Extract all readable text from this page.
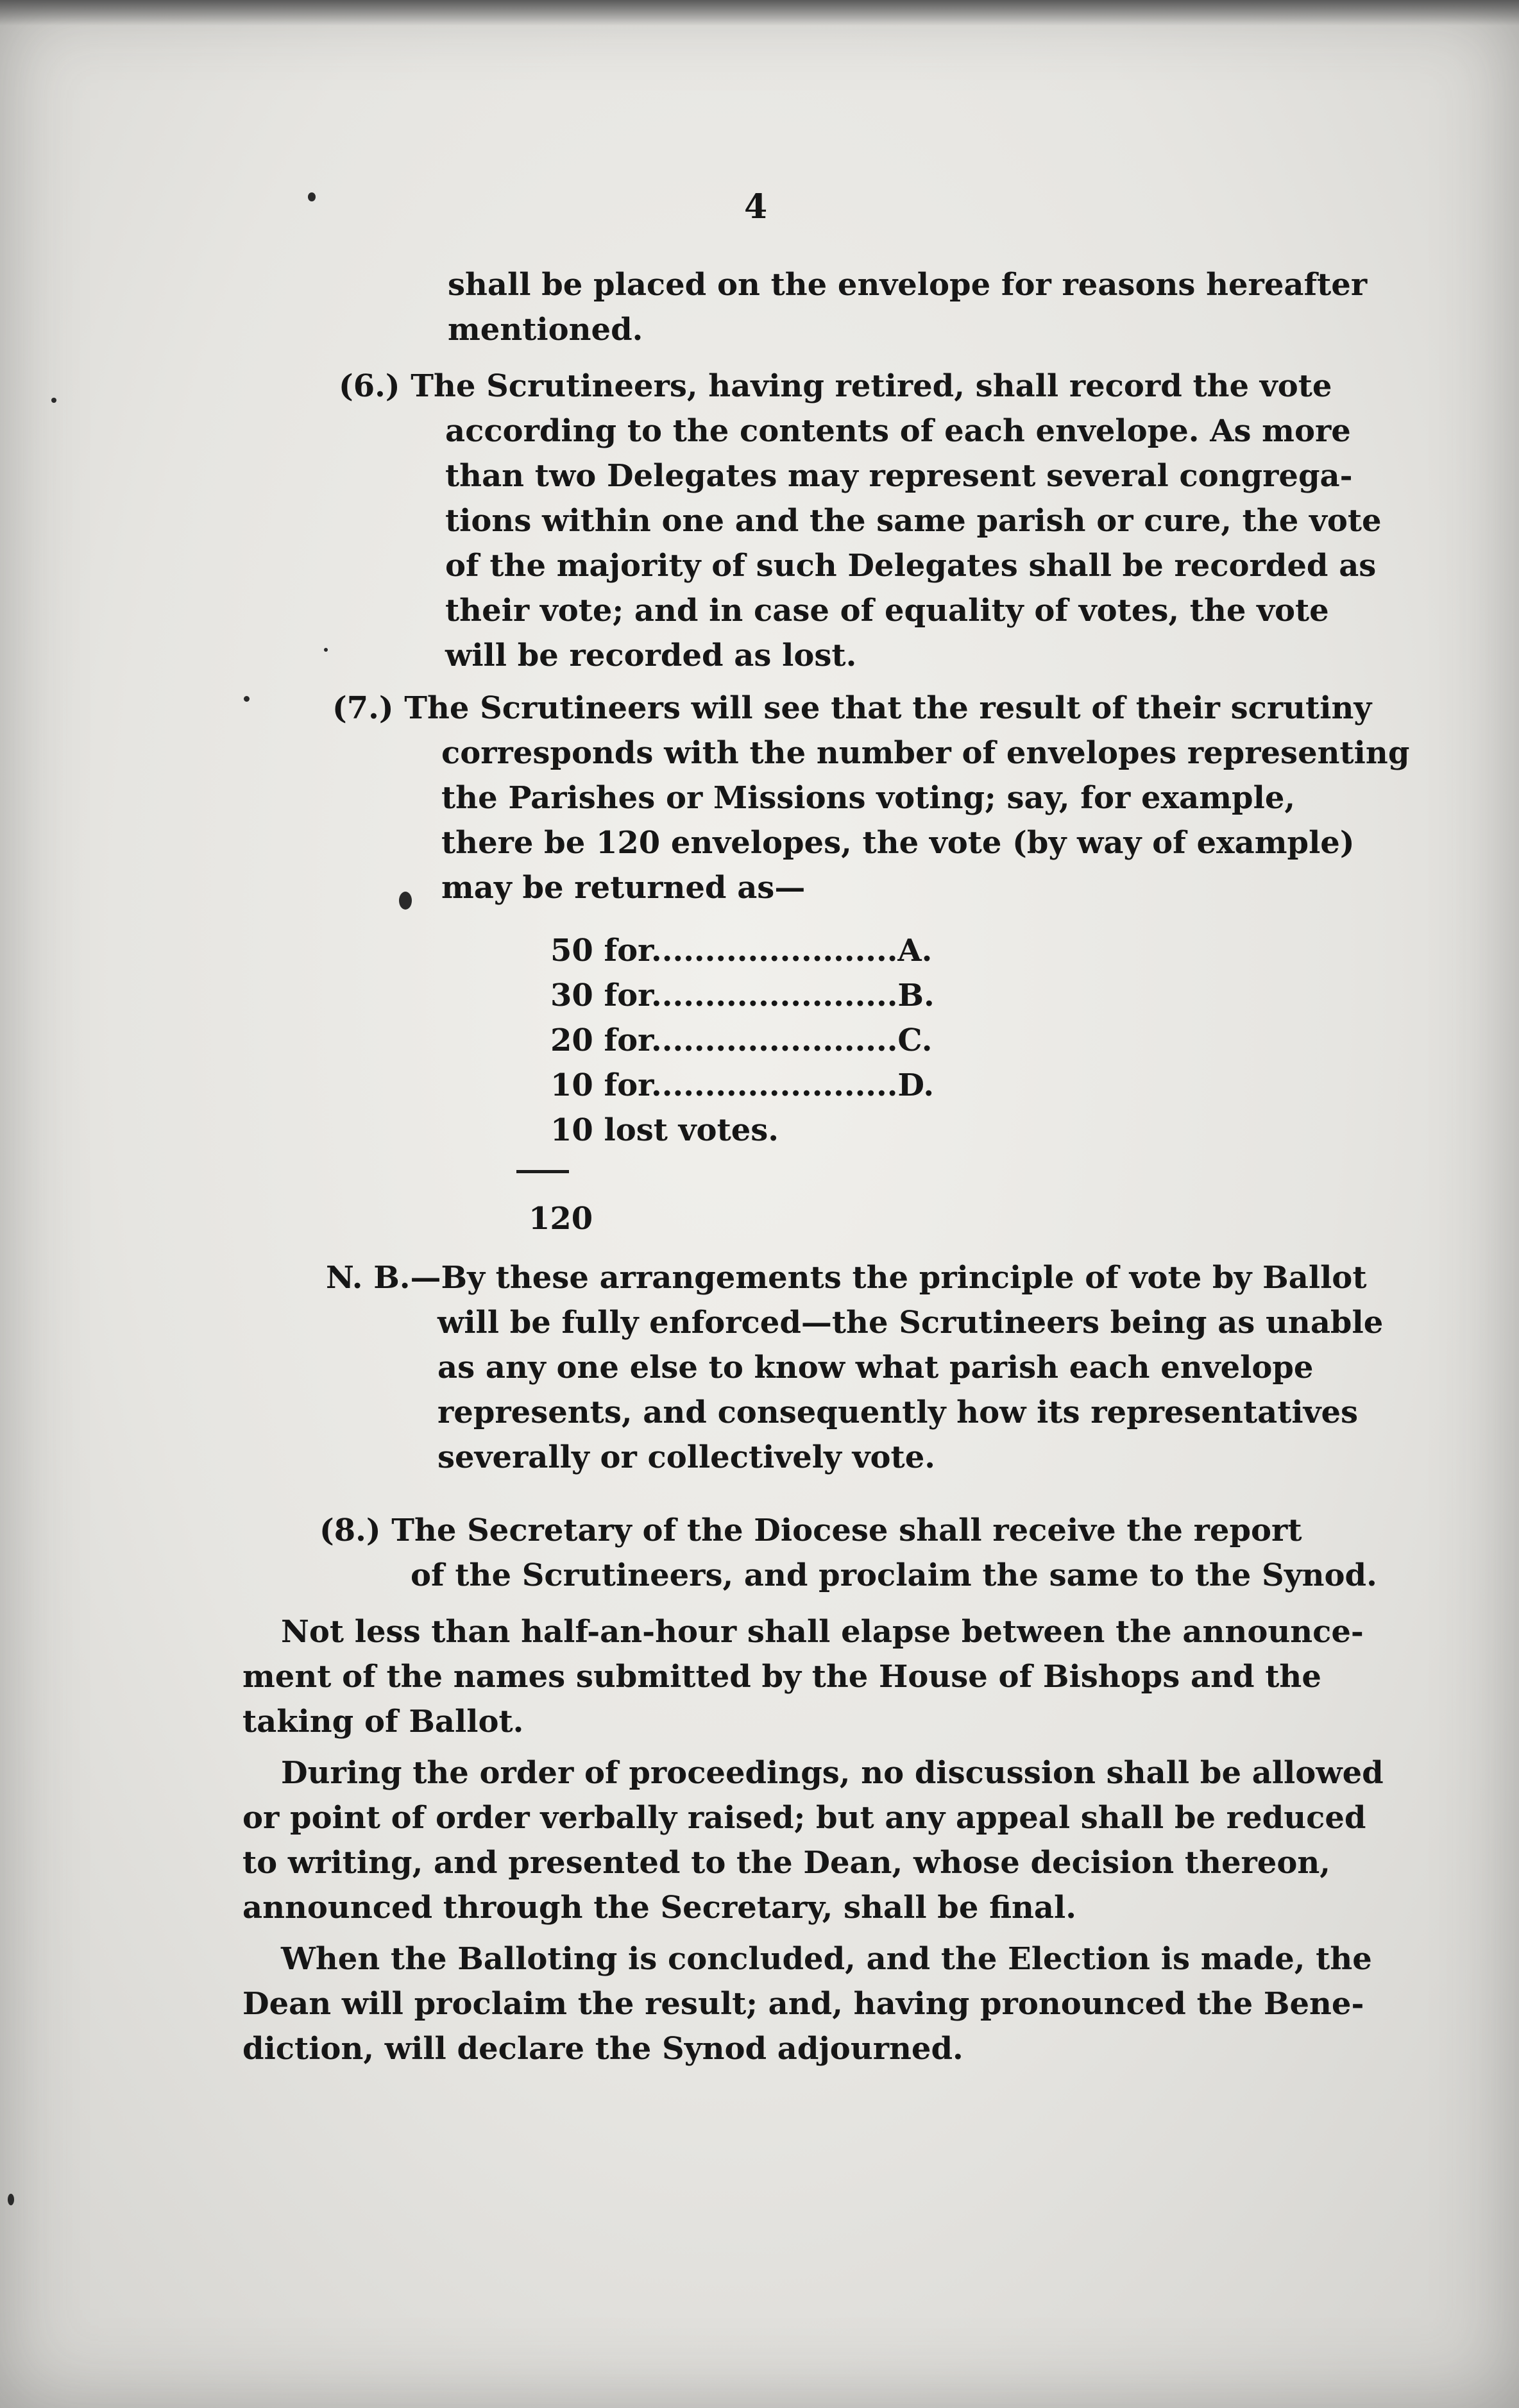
4
shall be placed on the envelope for reasons hereafter
mentioned.
(6.) The Scrutineers, having retired, shall record the vote
according to the contents of each envelope. As more
than two Delegates may represent several congrega-
tions within one and the same parish or cure, the vote
of the majority of such Delegates shall be recorded as
their vote; and in case of equality of votes, the vote
will be recorded as lost.
(7.) The Scrutineers will see that the result of their scrutiny
corresponds with the number of envelopes representing
the Parishes or Missions voting; say, for example,
there be 120 envelopes, the vote (by way of example)
may be returned as—
50 for.......................A.
30 for.......................B.
20 for.......................C.
10 for.......................D.
10 lost votes.
120
N. B.—By these arrangements the principle of vote by Ballot
will be fully enforced—the Scrutineers being as unable
as any one else to know what parish each envelope
represents, and consequently how its representatives
severally or collectively vote.
(8.) The Secretary of the Diocese shall receive the report
of the Scrutineers, and proclaim the same to the Synod.
Not less than half-an-hour shall elapse between the announce-
ment of the names submitted by the House of Bishops and the
taking of Ballot.
During the order of proceedings, no discussion shall be allowed
or point of order verbally raised; but any appeal shall be reduced
to writing, and presented to the Dean, whose decision thereon,
announced through the Secretary, shall be final.
When the Balloting is concluded, and the Election is made, the
Dean will proclaim the result; and, having pronounced the Bene-
diction, will declare the Synod adjourned.
